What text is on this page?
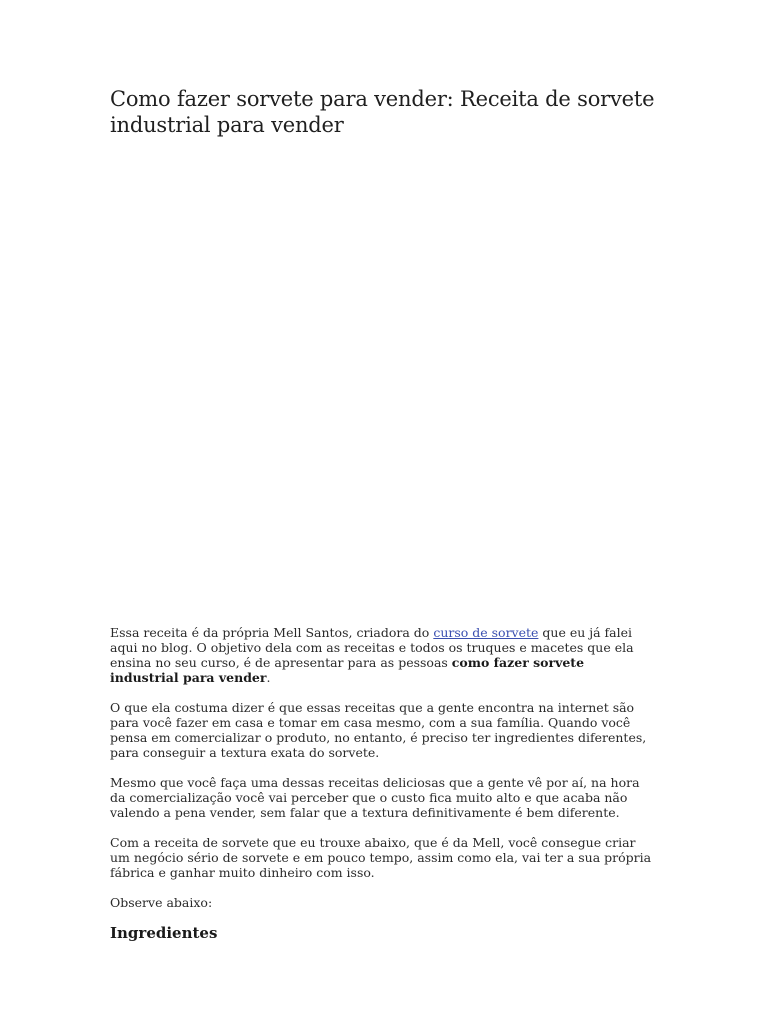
Como fazer sorvete para vender: Receita de sorvete industrial para vender

Essa receita é da própria Mell Santos, criadora do curso de sorvete que eu já falei aqui no blog. O objetivo dela com as receitas e todos os truques e macetes que ela ensina no seu curso, é de apresentar para as pessoas como fazer sorvete industrial para vender.

O que ela costuma dizer é que essas receitas que a gente encontra na internet são para você fazer em casa e tomar em casa mesmo, com a sua família. Quando você pensa em comercializar o produto, no entanto, é preciso ter ingredientes diferentes, para conseguir a textura exata do sorvete.

Mesmo que você faça uma dessas receitas deliciosas que a gente vê por aí, na hora da comercialização você vai perceber que o custo fica muito alto e que acaba não valendo a pena vender, sem falar que a textura definitivamente é bem diferente.

Com a receita de sorvete que eu trouxe abaixo, que é da Mell, você consegue criar um negócio sério de sorvete e em pouco tempo, assim como ela, vai ter a sua própria fábrica e ganhar muito dinheiro com isso.

Observe abaixo:

Ingredientes
